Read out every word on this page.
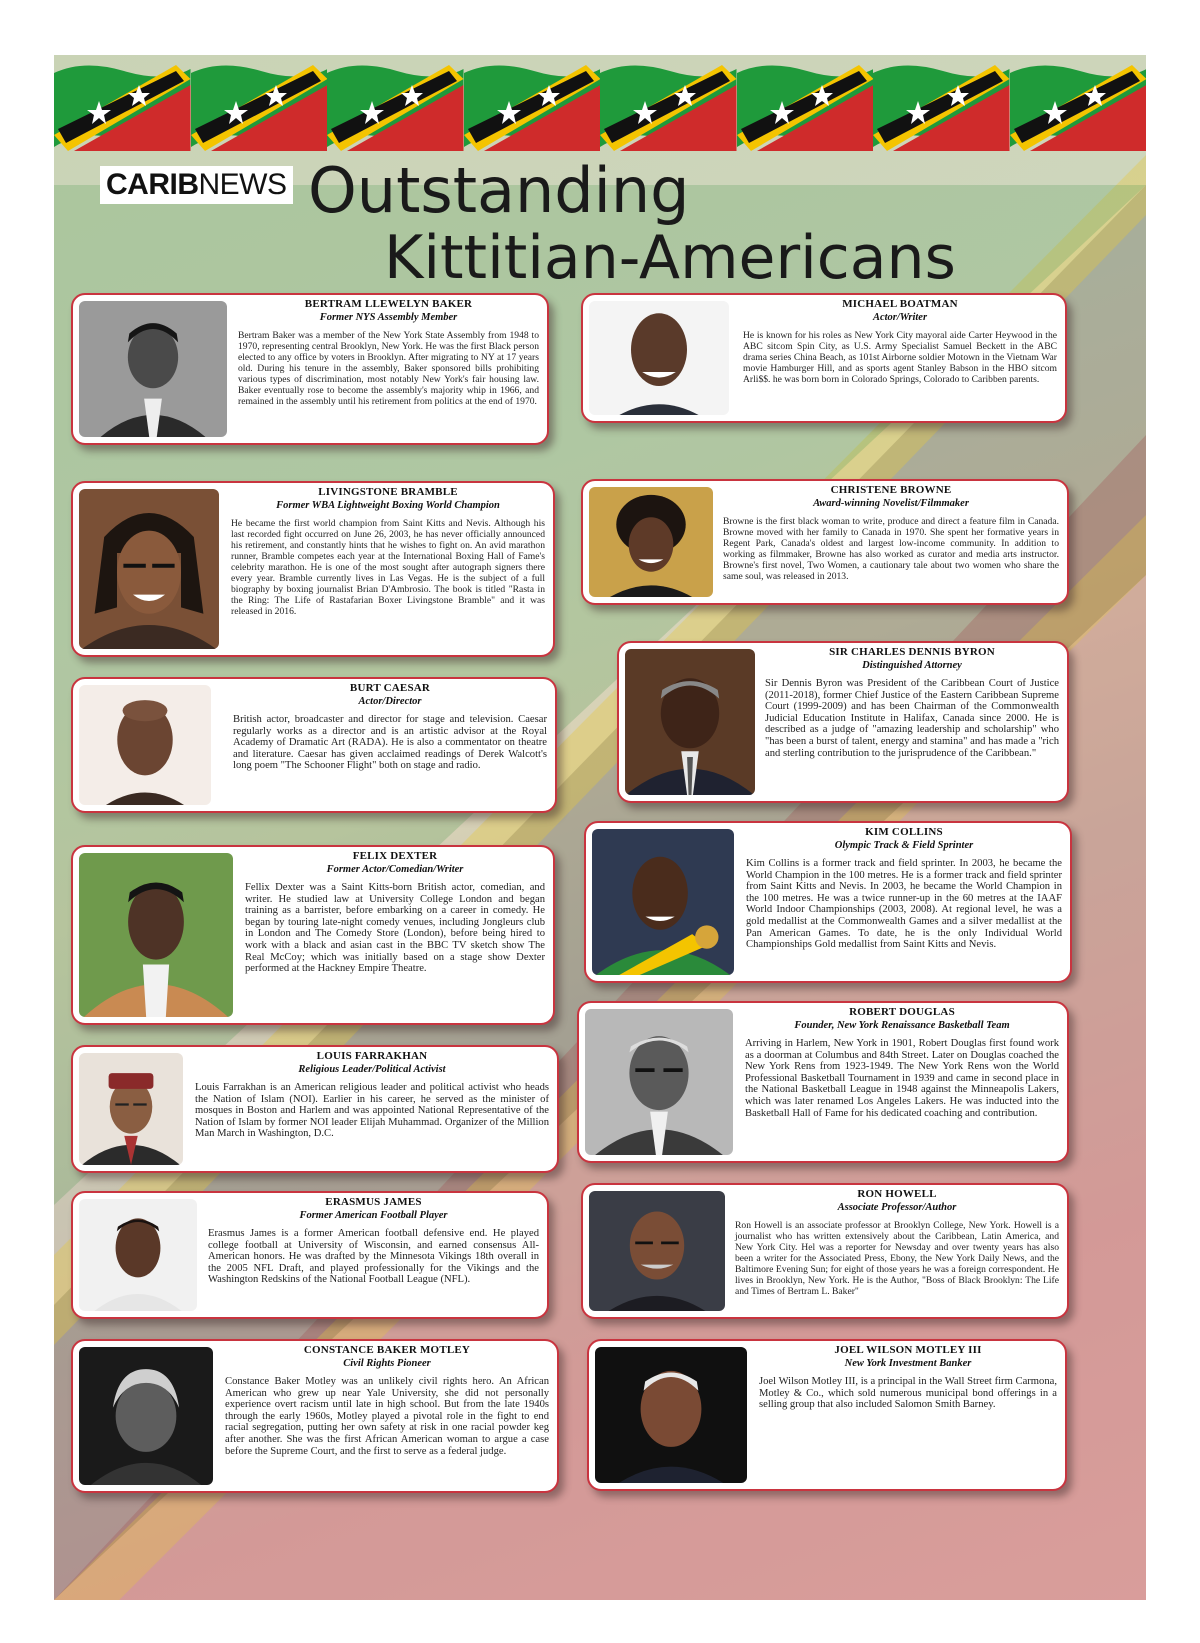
CARIBNEWS Outstanding
Kittitian-Americans
BERTRAM LLEWELYN BAKER
Former NYS Assembly Member

Bertram Baker was a member of the New York State Assembly from 1948 to 1970, representing central Brooklyn, New York. He was the first Black person elected to any office by voters in Brooklyn. After migrating to NY at 17 years old. During his tenure in the assembly, Baker sponsored bills prohibiting various types of discrimination, most notably New York's fair housing law. Baker eventually rose to become the assembly's majority whip in 1966, and remained in the assembly until his retirement from politics at the end of 1970.

LIVINGSTONE BRAMBLE
Former WBA Lightweight Boxing World Champion

He became the first world champion from Saint Kitts and Nevis. Although his last recorded fight occurred on June 26, 2003, he has never officially announced his retirement, and constantly hints that he wishes to fight on. An avid marathon runner, Bramble competes each year at the International Boxing Hall of Fame's celebrity marathon. He is one of the most sought after autograph signers there every year. Bramble currently lives in Las Vegas. He is the subject of a full biography by boxing journalist Brian D'Ambrosio. The book is titled "Rasta in the Ring: The Life of Rastafarian Boxer Livingstone Bramble" and it was released in 2016.

BURT CAESAR
Actor/Director

British actor, broadcaster and director for stage and television. Caesar regularly works as a director and is an artistic advisor at the Royal Academy of Dramatic Art (RADA). He is also a commentator on theatre and literature. Caesar has given acclaimed readings of Derek Walcott's long poem "The Schooner Flight" both on stage and radio.

FELIX DEXTER
Former Actor/Comedian/Writer

Fellix Dexter was a Saint Kitts-born British actor, comedian, and writer. He studied law at University College London and began training as a barrister, before embarking on a career in comedy. He began by touring late-night comedy venues, including Jongleurs club in London and The Comedy Store (London), before being hired to work with a black and asian cast in the BBC TV sketch show The Real McCoy; which was initially based on a stage show Dexter performed at the Hackney Empire Theatre.

LOUIS FARRAKHAN
Religious Leader/Political Activist

Louis Farrakhan is an American religious leader and political activist who heads the Nation of Islam (NOI). Earlier in his career, he served as the minister of mosques in Boston and Harlem and was appointed National Representative of the Nation of Islam by former NOI leader Elijah Muhammad. Organizer of the Million Man March in Washington, D.C.

ERASMUS JAMES
Former American Football Player

Erasmus James is a former American football defensive end. He played college football at University of Wisconsin, and earned consensus All-American honors. He was drafted by the Minnesota Vikings 18th overall in the 2005 NFL Draft, and played professionally for the Vikings and the Washington Redskins of the National Football League (NFL).

CONSTANCE BAKER MOTLEY
Civil Rights Pioneer

Constance Baker Motley was an unlikely civil rights hero. An African American who grew up near Yale University, she did not personally experience overt racism until late in high school. But from the late 1940s through the early 1960s, Motley played a pivotal role in the fight to end racial segregation, putting her own safety at risk in one racial powder keg after another. She was the first African American woman to argue a case before the Supreme Court, and the first to serve as a federal judge.

MICHAEL BOATMAN
Actor/Writer

He is known for his roles as New York City mayoral aide Carter Heywood in the ABC sitcom Spin City, as U.S. Army Specialist Samuel Beckett in the ABC drama series China Beach, as 101st Airborne soldier Motown in the Vietnam War movie Hamburger Hill, and as sports agent Stanley Babson in the HBO sitcom Arli$$. he was born born in Colorado Springs, Colorado to Caribben parents.

CHRISTENE BROWNE
Award-winning Novelist/Filmmaker

Browne is the first black woman to write, produce and direct a feature film in Canada. Browne moved with her family to Canada in 1970. She spent her formative years in Regent Park, Canada's oldest and largest low-income community. In addition to working as filmmaker, Browne has also worked as curator and media arts instructor. Browne's first novel, Two Women, a cautionary tale about two women who share the same soul, was released in 2013.

SIR CHARLES DENNIS BYRON
Distinguished Attorney

Sir Dennis Byron was President of the Caribbean Court of Justice (2011-2018), former Chief Justice of the Eastern Caribbean Supreme Court (1999-2009) and has been Chairman of the Commonwealth Judicial Education Institute in Halifax, Canada since 2000. He is described as a judge of "amazing leadership and scholarship" who "has been a burst of talent, energy and stamina" and has made a "rich and sterling contribution to the jurisprudence of the Caribbean."

KIM COLLINS
Olympic Track & Field Sprinter

Kim Collins is a former track and field sprinter. In 2003, he became the World Champion in the 100 metres. He is a former track and field sprinter from Saint Kitts and Nevis. In 2003, he became the World Champion in the 100 metres. He was a twice runner-up in the 60 metres at the IAAF World Indoor Championships (2003, 2008). At regional level, he was a gold medallist at the Commonwealth Games and a silver medallist at the Pan American Games. To date, he is the only Individual World Championships Gold medallist from Saint Kitts and Nevis.

ROBERT DOUGLAS
Founder, New York Renaissance Basketball Team

Arriving in Harlem, New York in 1901, Robert Douglas first found work as a doorman at Columbus and 84th Street. Later on Douglas coached the New York Rens from 1923-1949. The New York Rens won the World Professional Basketball Tournament in 1939 and came in second place in the National Basketball League in 1948 against the Minneapolis Lakers, which was later renamed Los Angeles Lakers. He was inducted into the Basketball Hall of Fame for his dedicated coaching and contribution.

RON HOWELL
Associate Professor/Author

Ron Howell is an associate professor at Brooklyn College, New York. Howell is a journalist who has written extensively about the Caribbean, Latin America, and New York City. Hel was a reporter for Newsday and over twenty years has also been a writer for the Associated Press, Ebony, the New York Daily News, and the Baltimore Evening Sun; for eight of those years he was a foreign correspondent. He lives in Brooklyn, New York. He is the Author, "Boss of Black Brooklyn: The Life and Times of Bertram L. Baker"

JOEL WILSON MOTLEY III
New York Investment Banker

Joel Wilson Motley III, is a principal in the Wall Street firm Carmona, Motley & Co., which sold numerous municipal bond offerings in a selling group that also included Salomon Smith Barney.
